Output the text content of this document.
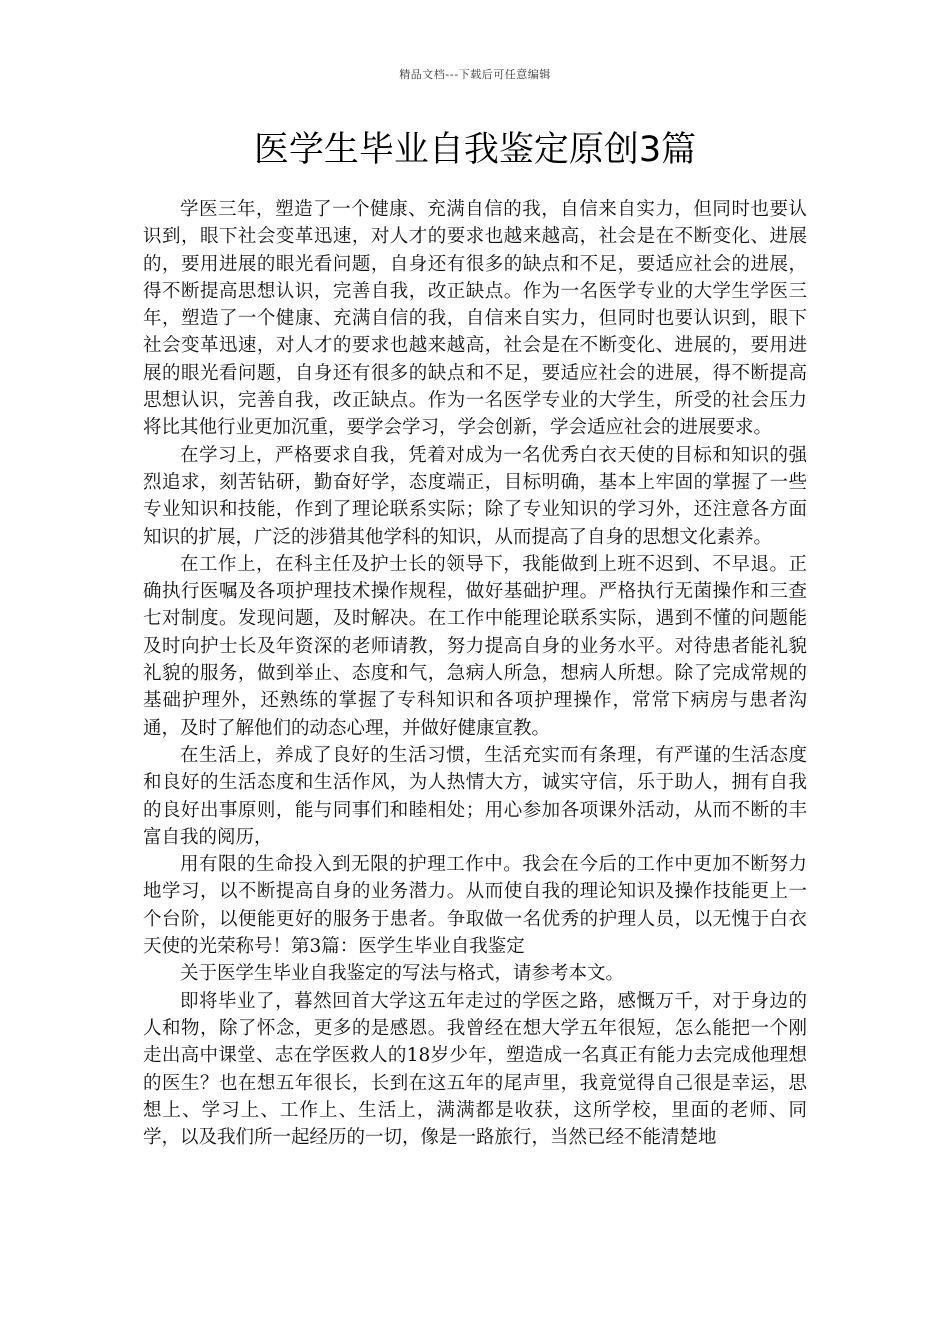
精品文档---下载后可任意编辑
医学生毕业自我鉴定原创3篇

学医三年，塑造了一个健康、充满自信的我，自信来自实力，但同时也要认识到，眼下社会变革迅速，对人才的要求也越来越高，社会是在不断变化、进展的，要用进展的眼光看问题，自身还有很多的缺点和不足，要适应社会的进展，得不断提高思想认识，完善自我，改正缺点。作为一名医学专业的大学生学医三年，塑造了一个健康、充满自信的我，自信来自实力，但同时也要认识到，眼下社会变革迅速，对人才的要求也越来越高，社会是在不断变化、进展的，要用进展的眼光看问题，自身还有很多的缺点和不足，要适应社会的进展，得不断提高思想认识，完善自我，改正缺点。作为一名医学专业的大学生，所受的社会压力将比其他行业更加沉重，要学会学习，学会创新，学会适应社会的进展要求。

在学习上，严格要求自我，凭着对成为一名优秀白衣天使的目标和知识的强烈追求，刻苦钻研，勤奋好学，态度端正，目标明确，基本上牢固的掌握了一些专业知识和技能，作到了理论联系实际；除了专业知识的学习外，还注意各方面知识的扩展，广泛的涉猎其他学科的知识，从而提高了自身的思想文化素养。

在工作上，在科主任及护士长的领导下，我能做到上班不迟到、不早退。正确执行医嘱及各项护理技术操作规程，做好基础护理。严格执行无菌操作和三查七对制度。发现问题，及时解决。在工作中能理论联系实际，遇到不懂的问题能及时向护士长及年资深的老师请教，努力提高自身的业务水平。对待患者能礼貌礼貌的服务，做到举止、态度和气，急病人所急，想病人所想。除了完成常规的基础护理外，还熟练的掌握了专科知识和各项护理操作，常常下病房与患者沟通，及时了解他们的动态心理，并做好健康宣教。

在生活上，养成了良好的生活习惯，生活充实而有条理，有严谨的生活态度和良好的生活态度和生活作风，为人热情大方，诚实守信，乐于助人，拥有自我的良好出事原则，能与同事们和睦相处；用心参加各项课外活动，从而不断的丰富自我的阅历，

用有限的生命投入到无限的护理工作中。我会在今后的工作中更加不断努力地学习，以不断提高自身的业务潜力。从而使自我的理论知识及操作技能更上一个台阶，以便能更好的服务于患者。争取做一名优秀的护理人员，以无愧于白衣天使的光荣称号！第3篇：医学生毕业自我鉴定

关于医学生毕业自我鉴定的写法与格式，请参考本文。

即将毕业了，暮然回首大学这五年走过的学医之路，感慨万千，对于身边的人和物，除了怀念，更多的是感恩。我曾经在想大学五年很短，怎么能把一个刚走出高中课堂、志在学医救人的18岁少年，塑造成一名真正有能力去完成他理想的医生？也在想五年很长，长到在这五年的尾声里，我竟觉得自己很是幸运，思想上、学习上、工作上、生活上，满满都是收获，这所学校，里面的老师、同学，以及我们所一起经历的一切，像是一路旅行，当然已经不能清楚地
